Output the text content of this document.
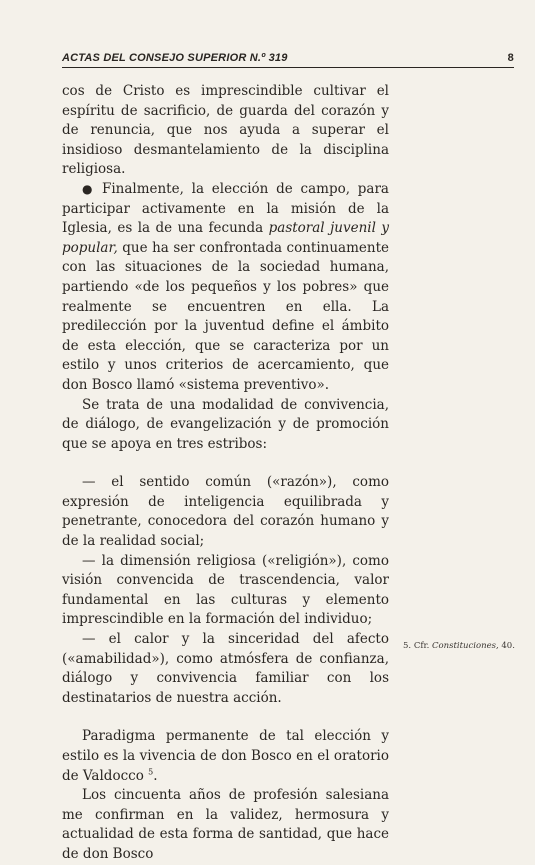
ACTAS DEL CONSEJO SUPERIOR N.º 319	8

cos de Cristo es imprescindible cultivar el espíritu de sacrificio, de guarda del corazón y de renuncia, que nos ayuda a superar el insidioso desmantelamiento de la disciplina religiosa.

● Finalmente, la elección de campo, para participar activamente en la misión de la Iglesia, es la de una fecunda pastoral juvenil y popular, que ha ser confrontada continuamente con las situaciones de la sociedad humana, partiendo «de los pequeños y los pobres» que realmente se encuentren en ella. La predilección por la juventud define el ámbito de esta elección, que se caracteriza por un estilo y unos criterios de acercamiento, que don Bosco llamó «sistema preventivo».

Se trata de una modalidad de convivencia, de diálogo, de evangelización y de promoción que se apoya en tres estribos:

— el sentido común («razón»), como expresión de inteligencia equilibrada y penetrante, conocedora del corazón humano y de la realidad social;

— la dimensión religiosa («religión»), como visión convencida de trascendencia, valor fundamental en las culturas y elemento imprescindible en la formación del individuo;

— el calor y la sinceridad del afecto («amabilidad»), como atmósfera de confianza, diálogo y convivencia familiar con los destinatarios de nuestra acción.

Paradigma permanente de tal elección y estilo es la vivencia de don Bosco en el oratorio de Valdocco $^5$.

Los cincuenta años de profesión salesiana me confirman en la validez, hermosura y actualidad de esta forma de santidad, que hace de don Bosco

5. Cfr. Constituciones, 40.
